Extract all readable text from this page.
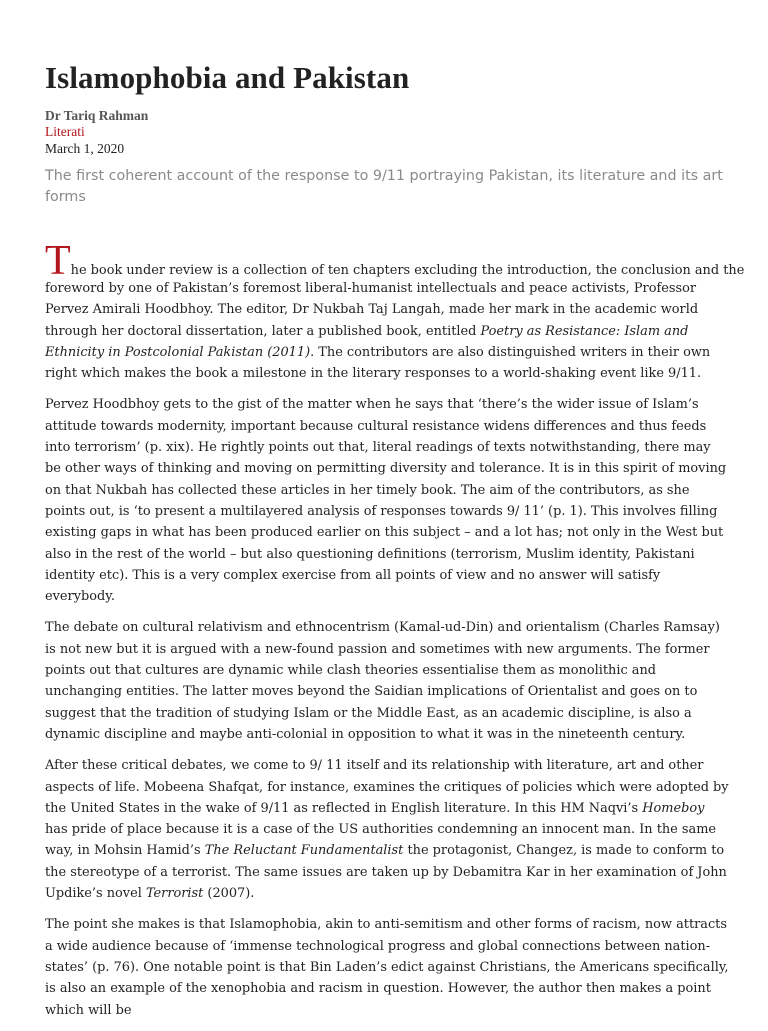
Islamophobia and Pakistan
Dr Tariq Rahman
Literati
March 1, 2020

The first coherent account of the response to 9/11 portraying Pakistan, its literature and its art forms

The book under review is a collection of ten chapters excluding the introduction, the conclusion and the
foreword by one of Pakistan’s foremost liberal-humanist intellectuals and peace activists, Professor Pervez Amirali Hoodbhoy. The editor, Dr Nukbah Taj Langah, made her mark in the academic world through her doctoral dissertation, later a published book, entitled Poetry as Resistance: Islam and Ethnicity in Postcolonial Pakistan (2011). The contributors are also distinguished writers in their own right which makes the book a milestone in the literary responses to a world-shaking event like 9/11.

Pervez Hoodbhoy gets to the gist of the matter when he says that ‘there’s the wider issue of Islam’s attitude towards modernity, important because cultural resistance widens differences and thus feeds into terrorism’ (p. xix). He rightly points out that, literal readings of texts notwithstanding, there may be other ways of thinking and moving on permitting diversity and tolerance. It is in this spirit of moving on that Nukbah has collected these articles in her timely book. The aim of the contributors, as she points out, is ‘to present a multilayered analysis of responses towards 9/ 11’ (p. 1). This involves filling existing gaps in what has been produced earlier on this subject – and a lot has; not only in the West but also in the rest of the world – but also questioning definitions (terrorism, Muslim identity, Pakistani identity etc). This is a very complex exercise from all points of view and no answer will satisfy everybody.

The debate on cultural relativism and ethnocentrism (Kamal-ud-Din) and orientalism (Charles Ramsay) is not new but it is argued with a new-found passion and sometimes with new arguments. The former points out that cultures are dynamic while clash theories essentialise them as monolithic and unchanging entities. The latter moves beyond the Saidian implications of Orientalist and goes on to suggest that the tradition of studying Islam or the Middle East, as an academic discipline, is also a dynamic discipline and maybe anti-colonial in opposition to what it was in the nineteenth century.

After these critical debates, we come to 9/ 11 itself and its relationship with literature, art and other aspects of life. Mobeena Shafqat, for instance, examines the critiques of policies which were adopted by the United States in the wake of 9/11 as reflected in English literature. In this HM Naqvi’s Homeboy has pride of place because it is a case of the US authorities condemning an innocent man. In the same way, in Mohsin Hamid’s The Reluctant Fundamentalist the protagonist, Changez, is made to conform to the stereotype of a terrorist. The same issues are taken up by Debamitra Kar in her examination of John Updike’s novel Terrorist (2007).

The point she makes is that Islamophobia, akin to anti-semitism and other forms of racism, now attracts a wide audience because of ‘immense technological progress and global connections between nation-states’ (p. 76). One notable point is that Bin Laden’s edict against Christians, the Americans specifically, is also an example of the xenophobia and racism in question. However, the author then makes a point which will be
